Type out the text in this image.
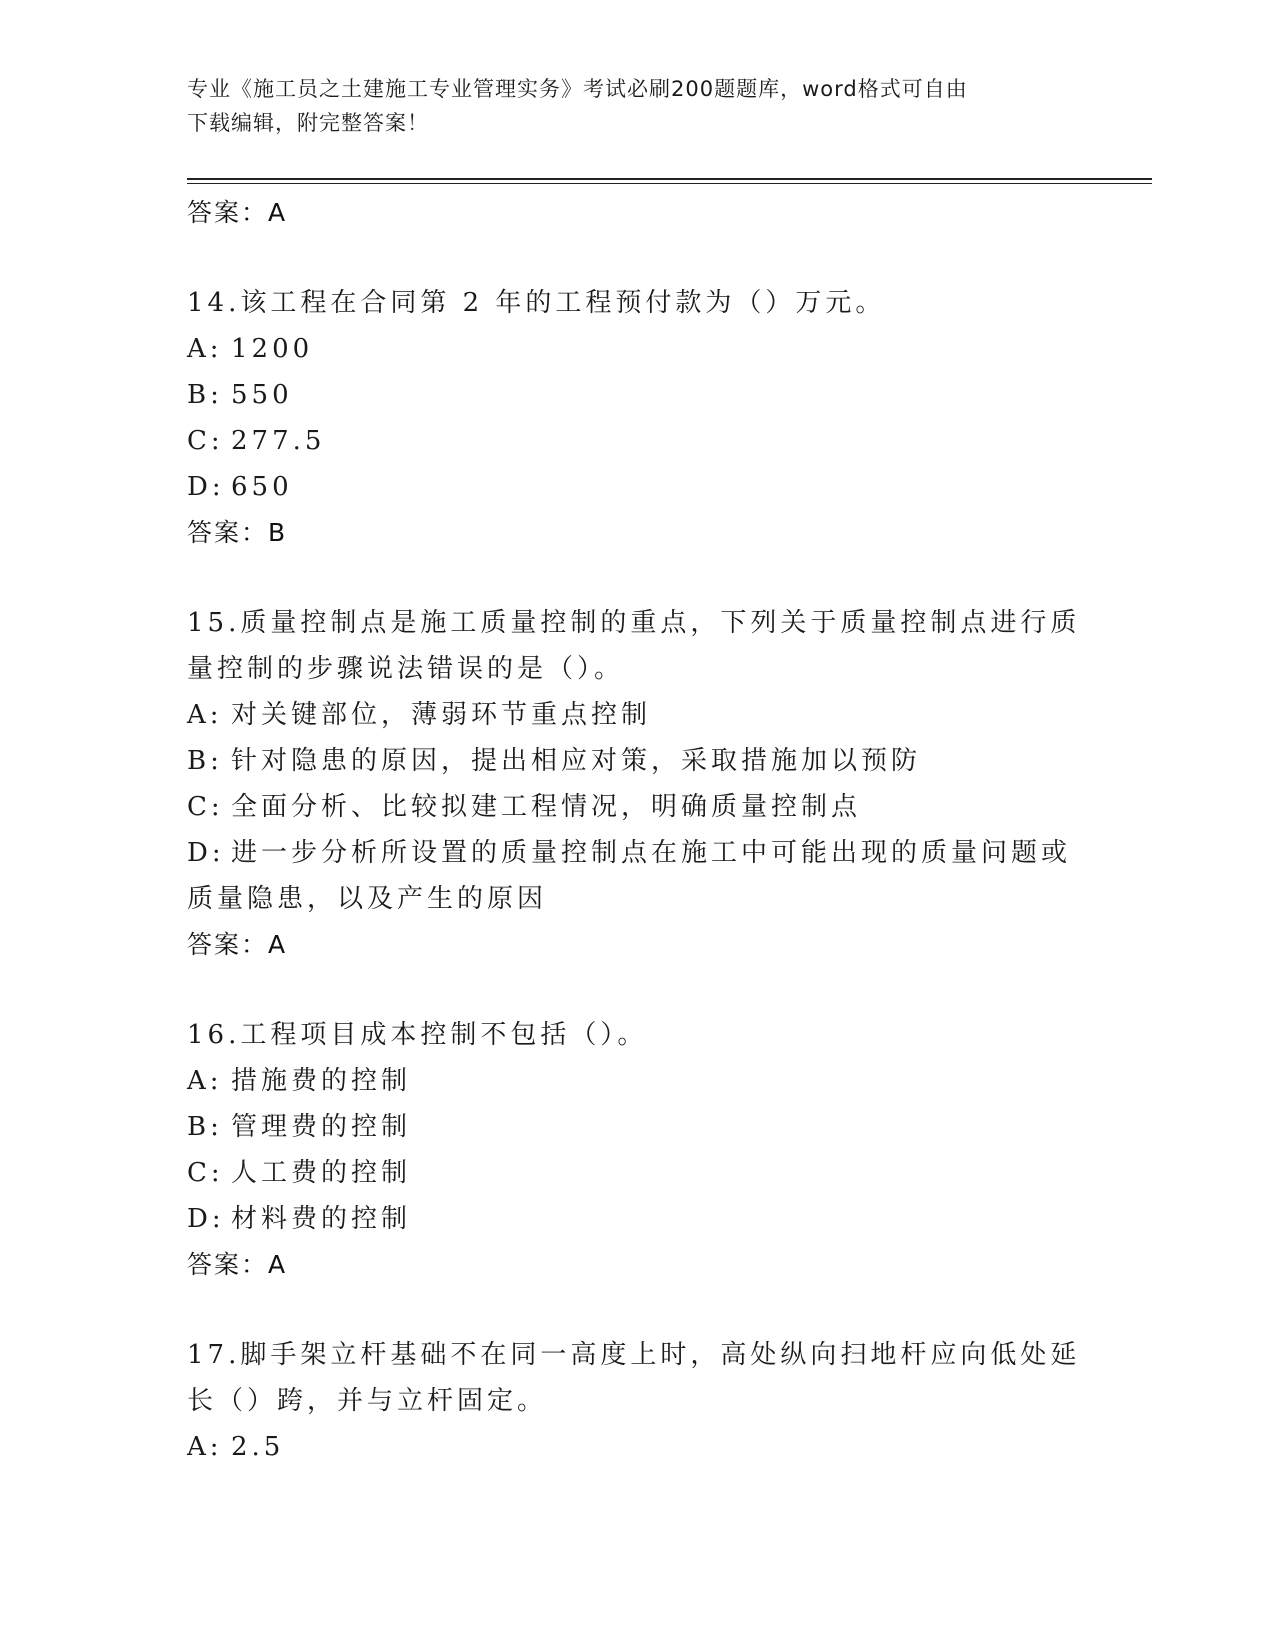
专业《施工员之土建施工专业管理实务》考试必刷200题题库，word格式可自由
下载编辑，附完整答案！

答案：A

14.该工程在合同第 2 年的工程预付款为（）万元。

A: 1200

B: 550

C: 277.5

D: 650

答案：B

15.质量控制点是施工质量控制的重点，下列关于质量控制点进行质量控制的步骤说法错误的是（）。

A: 对关键部位，薄弱环节重点控制

B: 针对隐患的原因，提出相应对策，采取措施加以预防

C: 全面分析、比较拟建工程情况，明确质量控制点

D: 进一步分析所设置的质量控制点在施工中可能出现的质量问题或质量隐患，以及产生的原因

答案：A

16.工程项目成本控制不包括（）。

A: 措施费的控制

B: 管理费的控制

C: 人工费的控制

D: 材料费的控制

答案：A

17.脚手架立杆基础不在同一高度上时，高处纵向扫地杆应向低处延长（）跨，并与立杆固定。

A: 2.5
